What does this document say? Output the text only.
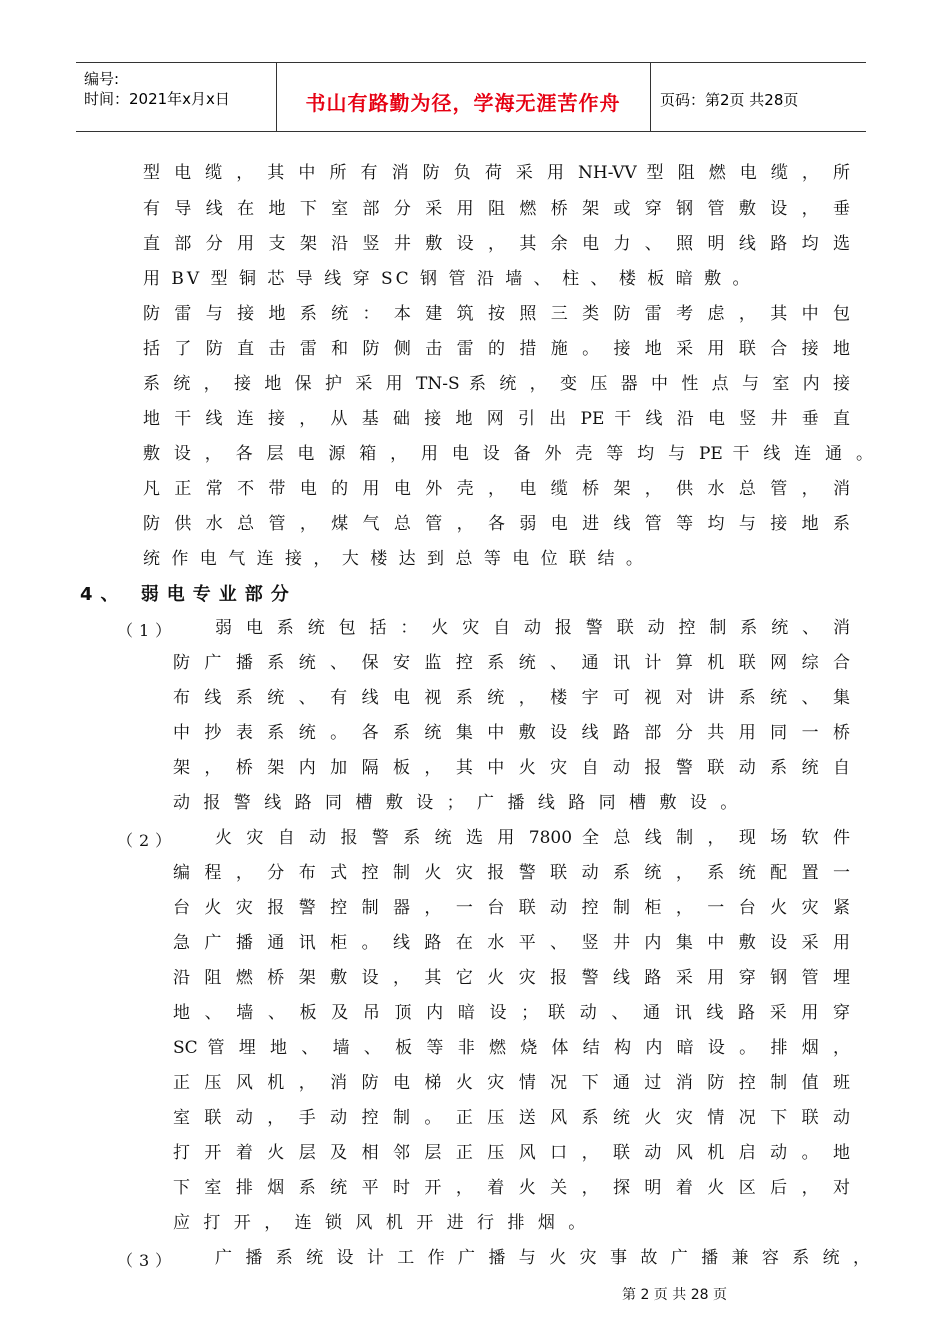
编号:
时间：2021年x月x日	书山有路勤为径，学海无涯苦作舟	页码：第2页 共28页
型 电 缆 ， 其 中 所 有 消 防 负 荷 采 用 NH-VV 型 阻 燃 电 缆 ， 所
有 导 线 在 地 下 室 部 分 采 用 阻 燃 桥 架 或 穿 钢 管 敷 设 ， 垂
直 部 分 用 支 架 沿 竖 井 敷 设 ， 其 余 电 力 、 照 明 线 路 均 选
用 BV 型 铜 芯 导 线 穿 SC 钢 管 沿 墙 、 柱 、 楼 板 暗 敷 。
防 雷 与 接 地 系 统 ： 本 建 筑 按 照 三 类 防 雷 考 虑 ， 其 中 包
括 了 防 直 击 雷 和 防 侧 击 雷 的 措 施 。 接 地 采 用 联 合 接 地
系 统 ， 接 地 保 护 采 用 TN-S 系 统 ， 变 压 器 中 性 点 与 室 内 接
地 干 线 连 接 ， 从 基 础 接 地 网 引 出 PE 干 线 沿 电 竖 井 垂 直
敷 设 ， 各 层 电 源 箱 ， 用 电 设 备 外 壳 等 均 与 PE 干 线 连 通 。
凡 正 常 不 带 电 的 用 电 外 壳 ， 电 缆 桥 架 ， 供 水 总 管 ， 消
防 供 水 总 管 ， 煤 气 总 管 ， 各 弱 电 进 线 管 等 均 与 接 地 系
统 作 电 气 连 接 ， 大 楼 达 到 总 等 电 位 联 结 。
4、 弱电专业部分
（1） 弱 电 系 统 包 括 ： 火 灾 自 动 报 警 联 动 控 制 系 统 、 消
防 广 播 系 统 、 保 安 监 控 系 统 、 通 讯 计 算 机 联 网 综 合
布 线 系 统 、 有 线 电 视 系 统 ， 楼 宇 可 视 对 讲 系 统 、 集
中 抄 表 系 统 。 各 系 统 集 中 敷 设 线 路 部 分 共 用 同 一 桥
架 ， 桥 架 内 加 隔 板 ， 其 中 火 灾 自 动 报 警 联 动 系 统 自
动 报 警 线 路 同 槽 敷 设 ； 广 播 线 路 同 槽 敷 设 。
（2） 火 灾 自 动 报 警 系 统 选 用 7800 全 总 线 制 ， 现 场 软 件
编 程 ， 分 布 式 控 制 火 灾 报 警 联 动 系 统 ， 系 统 配 置 一
台 火 灾 报 警 控 制 器 ， 一 台 联 动 控 制 柜 ， 一 台 火 灾 紧
急 广 播 通 讯 柜 。 线 路 在 水 平 、 竖 井 内 集 中 敷 设 采 用
沿 阻 燃 桥 架 敷 设 ， 其 它 火 灾 报 警 线 路 采 用 穿 钢 管 埋
地 、 墙 、 板 及 吊 顶 内 暗 设 ； 联 动 、 通 讯 线 路 采 用 穿
SC 管 埋 地 、 墙 、 板 等 非 燃 烧 体 结 构 内 暗 设 。 排 烟 ，
正 压 风 机 ， 消 防 电 梯 火 灾 情 况 下 通 过 消 防 控 制 值 班
室 联 动 ， 手 动 控 制 。 正 压 送 风 系 统 火 灾 情 况 下 联 动
打 开 着 火 层 及 相 邻 层 正 压 风 口 ， 联 动 风 机 启 动 。 地
下 室 排 烟 系 统 平 时 开 ， 着 火 关 ， 探 明 着 火 区 后 ， 对
应 打 开 ， 连 锁 风 机 开 进 行 排 烟 。
（3） 广 播 系 统 设 计 工 作 广 播 与 火 灾 事 故 广 播 兼 容 系 统 ，
第 2 页 共 28 页
